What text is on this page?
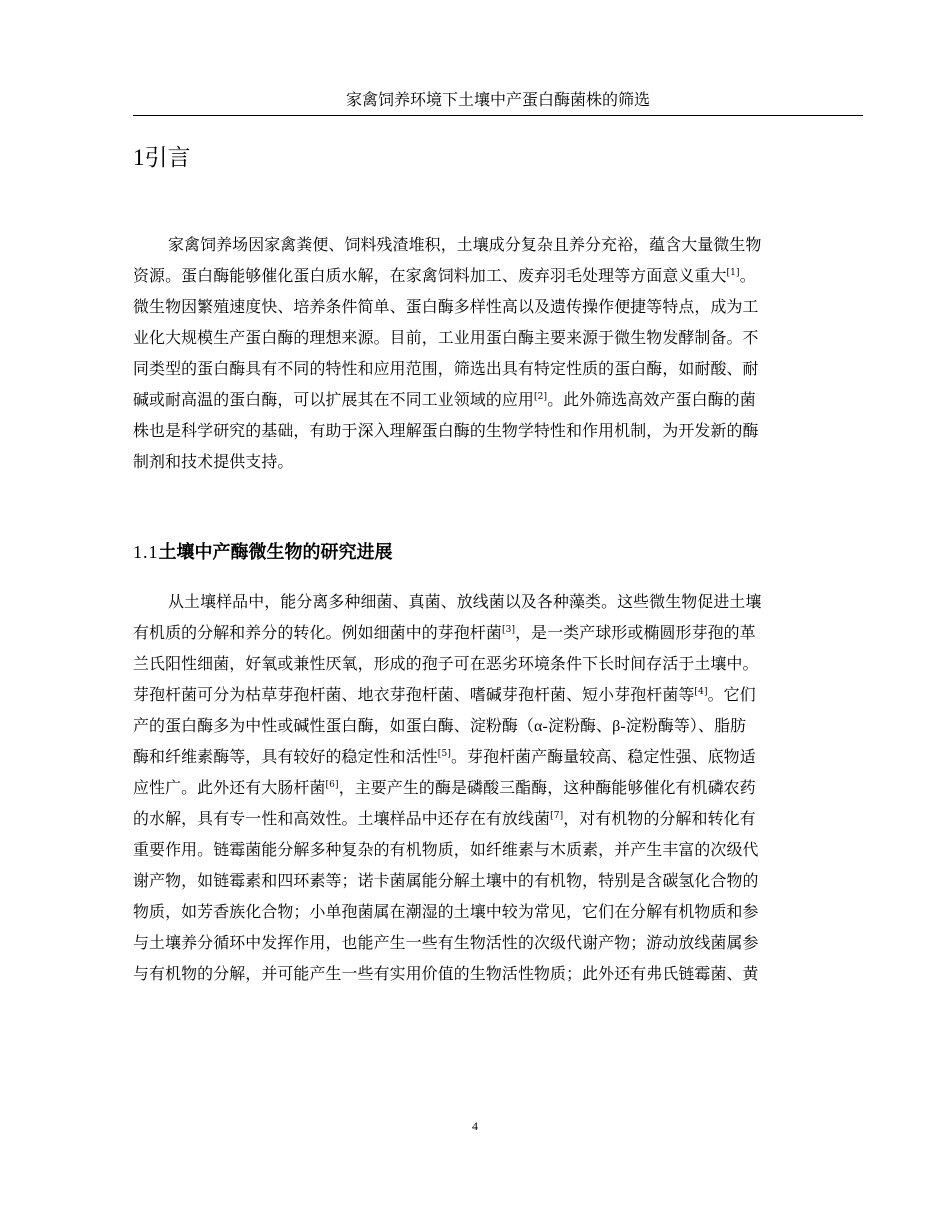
家禽饲养环境下土壤中产蛋白酶菌株的筛选
1引言
家禽饲养场因家禽粪便、饲料残渣堆积，土壤成分复杂且养分充裕，蕴含大量微生物
资源。蛋白酶能够催化蛋白质水解，在家禽饲料加工、废弃羽毛处理等方面意义重大[1]。
微生物因繁殖速度快、培养条件简单、蛋白酶多样性高以及遗传操作便捷等特点，成为工
业化大规模生产蛋白酶的理想来源。目前，工业用蛋白酶主要来源于微生物发酵制备。不
同类型的蛋白酶具有不同的特性和应用范围，筛选出具有特定性质的蛋白酶，如耐酸、耐
碱或耐高温的蛋白酶，可以扩展其在不同工业领域的应用[2]。此外筛选高效产蛋白酶的菌
株也是科学研究的基础，有助于深入理解蛋白酶的生物学特性和作用机制，为开发新的酶
制剂和技术提供支持。
1.1土壤中产酶微生物的研究进展
从土壤样品中，能分离多种细菌、真菌、放线菌以及各种藻类。这些微生物促进土壤
有机质的分解和养分的转化。例如细菌中的芽孢杆菌[3]，是一类产球形或椭圆形芽孢的革
兰氏阳性细菌，好氧或兼性厌氧，形成的孢子可在恶劣环境条件下长时间存活于土壤中。
芽孢杆菌可分为枯草芽孢杆菌、地衣芽孢杆菌、嗜碱芽孢杆菌、短小芽孢杆菌等[4]。它们
产的蛋白酶多为中性或碱性蛋白酶，如蛋白酶、淀粉酶（α-淀粉酶、β-淀粉酶等）、脂肪
酶和纤维素酶等，具有较好的稳定性和活性[5]。芽孢杆菌产酶量较高、稳定性强、底物适
应性广。此外还有大肠杆菌[6]，主要产生的酶是磷酸三酯酶，这种酶能够催化有机磷农药
的水解，具有专一性和高效性。土壤样品中还存在有放线菌[7]，对有机物的分解和转化有
重要作用。链霉菌能分解多种复杂的有机物质，如纤维素与木质素，并产生丰富的次级代
谢产物，如链霉素和四环素等；诺卡菌属能分解土壤中的有机物，特别是含碳氢化合物的
物质，如芳香族化合物；小单孢菌属在潮湿的土壤中较为常见，它们在分解有机物质和参
与土壤养分循环中发挥作用，也能产生一些有生物活性的次级代谢产物；游动放线菌属参
与有机物的分解，并可能产生一些有实用价值的生物活性物质；此外还有弗氏链霉菌、黄
4
